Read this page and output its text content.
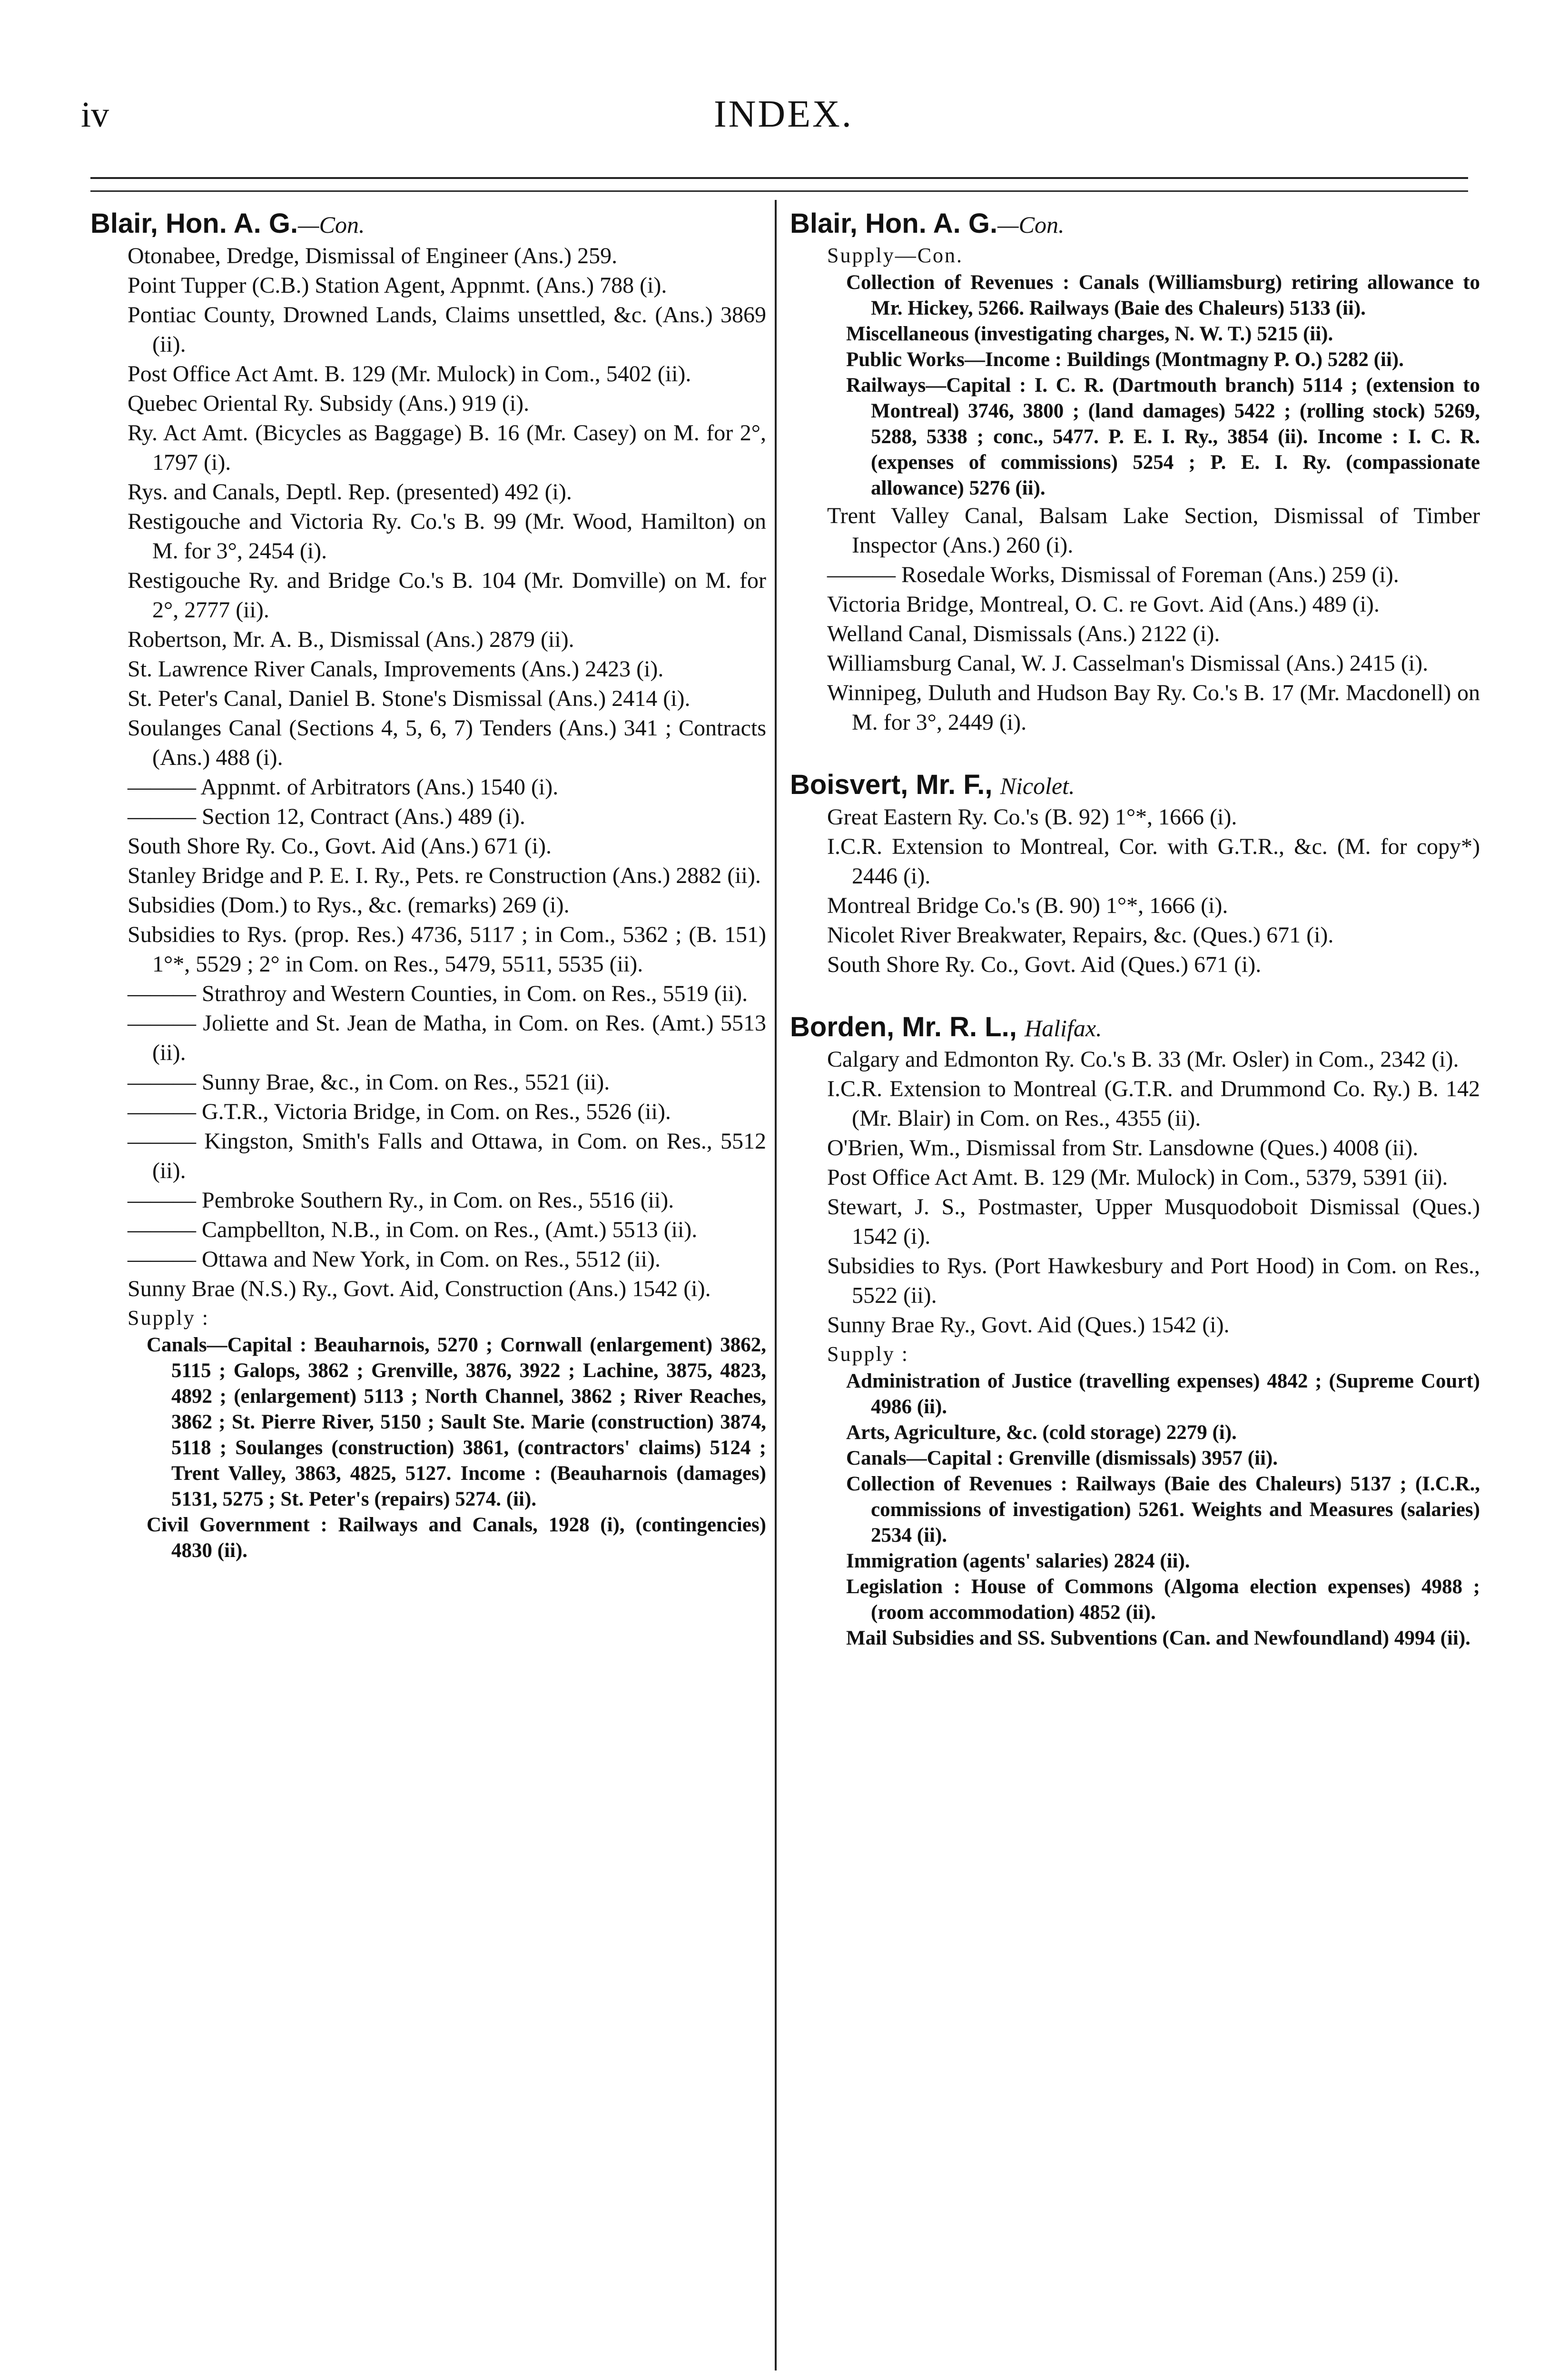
iv	INDEX.
Blair, Hon. A. G.—Con.

Otonabee, Dredge, Dismissal of Engineer (Ans.) 259.

Point Tupper (C.B.) Station Agent, Appnmt. (Ans.) 788 (i).

Pontiac County, Drowned Lands, Claims unsettled, &c. (Ans.) 3869 (ii).

Post Office Act Amt. B. 129 (Mr. Mulock) in Com., 5402 (ii).

Quebec Oriental Ry. Subsidy (Ans.) 919 (i).

Ry. Act Amt. (Bicycles as Baggage) B. 16 (Mr. Casey) on M. for 2°, 1797 (i).

Rys. and Canals, Deptl. Rep. (presented) 492 (i).

Restigouche and Victoria Ry. Co.'s B. 99 (Mr. Wood, Hamilton) on M. for 3°, 2454 (i).

Restigouche Ry. and Bridge Co.'s B. 104 (Mr. Domville) on M. for 2°, 2777 (ii).

Robertson, Mr. A. B., Dismissal (Ans.) 2879 (ii).

St. Lawrence River Canals, Improvements (Ans.) 2423 (i).

St. Peter's Canal, Daniel B. Stone's Dismissal (Ans.) 2414 (i).

Soulanges Canal (Sections 4, 5, 6, 7) Tenders (Ans.) 341 ; Contracts (Ans.) 488 (i).

——— Appnmt. of Arbitrators (Ans.) 1540 (i).

——— Section 12, Contract (Ans.) 489 (i).

South Shore Ry. Co., Govt. Aid (Ans.) 671 (i).

Stanley Bridge and P. E. I. Ry., Pets. re Construction (Ans.) 2882 (ii).

Subsidies (Dom.) to Rys., &c. (remarks) 269 (i).

Subsidies to Rys. (prop. Res.) 4736, 5117 ; in Com., 5362 ; (B. 151) 1°*, 5529 ; 2° in Com. on Res., 5479, 5511, 5535 (ii).

——— Strathroy and Western Counties, in Com. on Res., 5519 (ii).

——— Joliette and St. Jean de Matha, in Com. on Res. (Amt.) 5513 (ii).

——— Sunny Brae, &c., in Com. on Res., 5521 (ii).

——— G.T.R., Victoria Bridge, in Com. on Res., 5526 (ii).

——— Kingston, Smith's Falls and Ottawa, in Com. on Res., 5512 (ii).

——— Pembroke Southern Ry., in Com. on Res., 5516 (ii).

——— Campbellton, N.B., in Com. on Res., (Amt.) 5513 (ii).

——— Ottawa and New York, in Com. on Res., 5512 (ii).

Sunny Brae (N.S.) Ry., Govt. Aid, Construction (Ans.) 1542 (i).

Supply :

Canals—Capital : Beauharnois, 5270 ; Cornwall (enlargement) 3862, 5115 ; Galops, 3862 ; Grenville, 3876, 3922 ; Lachine, 3875, 4823, 4892 ; (enlargement) 5113 ; North Channel, 3862 ; River Reaches, 3862 ; St. Pierre River, 5150 ; Sault Ste. Marie (construction) 3874, 5118 ; Soulanges (construction) 3861, (contractors' claims) 5124 ; Trent Valley, 3863, 4825, 5127. Income : (Beauharnois (damages) 5131, 5275 ; St. Peter's (repairs) 5274. (ii).

Civil Government : Railways and Canals, 1928 (i), (contingencies) 4830 (ii).

Blair, Hon. A. G.—Con.

Supply—Con.

Collection of Revenues : Canals (Williamsburg) retiring allowance to Mr. Hickey, 5266. Railways (Baie des Chaleurs) 5133 (ii).

Miscellaneous (investigating charges, N. W. T.) 5215 (ii).

Public Works—Income : Buildings (Montmagny P. O.) 5282 (ii).

Railways—Capital : I. C. R. (Dartmouth branch) 5114 ; (extension to Montreal) 3746, 3800 ; (land damages) 5422 ; (rolling stock) 5269, 5288, 5338 ; conc., 5477. P. E. I. Ry., 3854 (ii). Income : I. C. R. (expenses of commissions) 5254 ; P. E. I. Ry. (compassionate allowance) 5276 (ii).

Trent Valley Canal, Balsam Lake Section, Dismissal of Timber Inspector (Ans.) 260 (i).

——— Rosedale Works, Dismissal of Foreman (Ans.) 259 (i).

Victoria Bridge, Montreal, O. C. re Govt. Aid (Ans.) 489 (i).

Welland Canal, Dismissals (Ans.) 2122 (i).

Williamsburg Canal, W. J. Casselman's Dismissal (Ans.) 2415 (i).

Winnipeg, Duluth and Hudson Bay Ry. Co.'s B. 17 (Mr. Macdonell) on M. for 3°, 2449 (i).

Boisvert, Mr. F., Nicolet.

Great Eastern Ry. Co.'s (B. 92) 1°*, 1666 (i).

I.C.R. Extension to Montreal, Cor. with G.T.R., &c. (M. for copy*) 2446 (i).

Montreal Bridge Co.'s (B. 90) 1°*, 1666 (i).

Nicolet River Breakwater, Repairs, &c. (Ques.) 671 (i).

South Shore Ry. Co., Govt. Aid (Ques.) 671 (i).

Borden, Mr. R. L., Halifax.

Calgary and Edmonton Ry. Co.'s B. 33 (Mr. Osler) in Com., 2342 (i).

I.C.R. Extension to Montreal (G.T.R. and Drummond Co. Ry.) B. 142 (Mr. Blair) in Com. on Res., 4355 (ii).

O'Brien, Wm., Dismissal from Str. Lansdowne (Ques.) 4008 (ii).

Post Office Act Amt. B. 129 (Mr. Mulock) in Com., 5379, 5391 (ii).

Stewart, J. S., Postmaster, Upper Musquodoboit Dismissal (Ques.) 1542 (i).

Subsidies to Rys. (Port Hawkesbury and Port Hood) in Com. on Res., 5522 (ii).

Sunny Brae Ry., Govt. Aid (Ques.) 1542 (i).

Supply :

Administration of Justice (travelling expenses) 4842 ; (Supreme Court) 4986 (ii).

Arts, Agriculture, &c. (cold storage) 2279 (i).

Canals—Capital : Grenville (dismissals) 3957 (ii).

Collection of Revenues : Railways (Baie des Chaleurs) 5137 ; (I.C.R., commissions of investigation) 5261. Weights and Measures (salaries) 2534 (ii).

Immigration (agents' salaries) 2824 (ii).

Legislation : House of Commons (Algoma election expenses) 4988 ; (room accommodation) 4852 (ii).

Mail Subsidies and SS. Subventions (Can. and Newfoundland) 4994 (ii).
